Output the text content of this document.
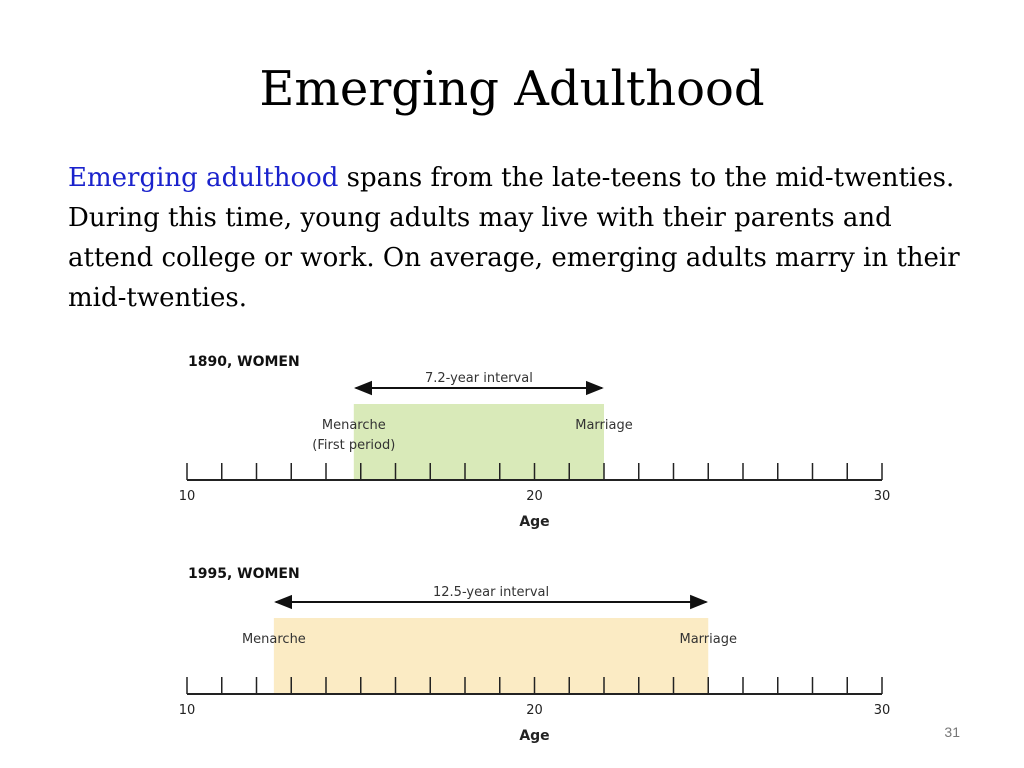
Emerging Adulthood

Emerging adulthood spans from the late-teens to the mid-twenties. During this time, young adults may live with their parents and attend college or work. On average, emerging adults marry in their mid-twenties.

1890, WOMEN
7.2-year interval
Menarche
(First period)
Marriage
10	20	30
Age
1995, WOMEN
12.5-year interval
Menarche	Marriage
10	20	30
Age	31
